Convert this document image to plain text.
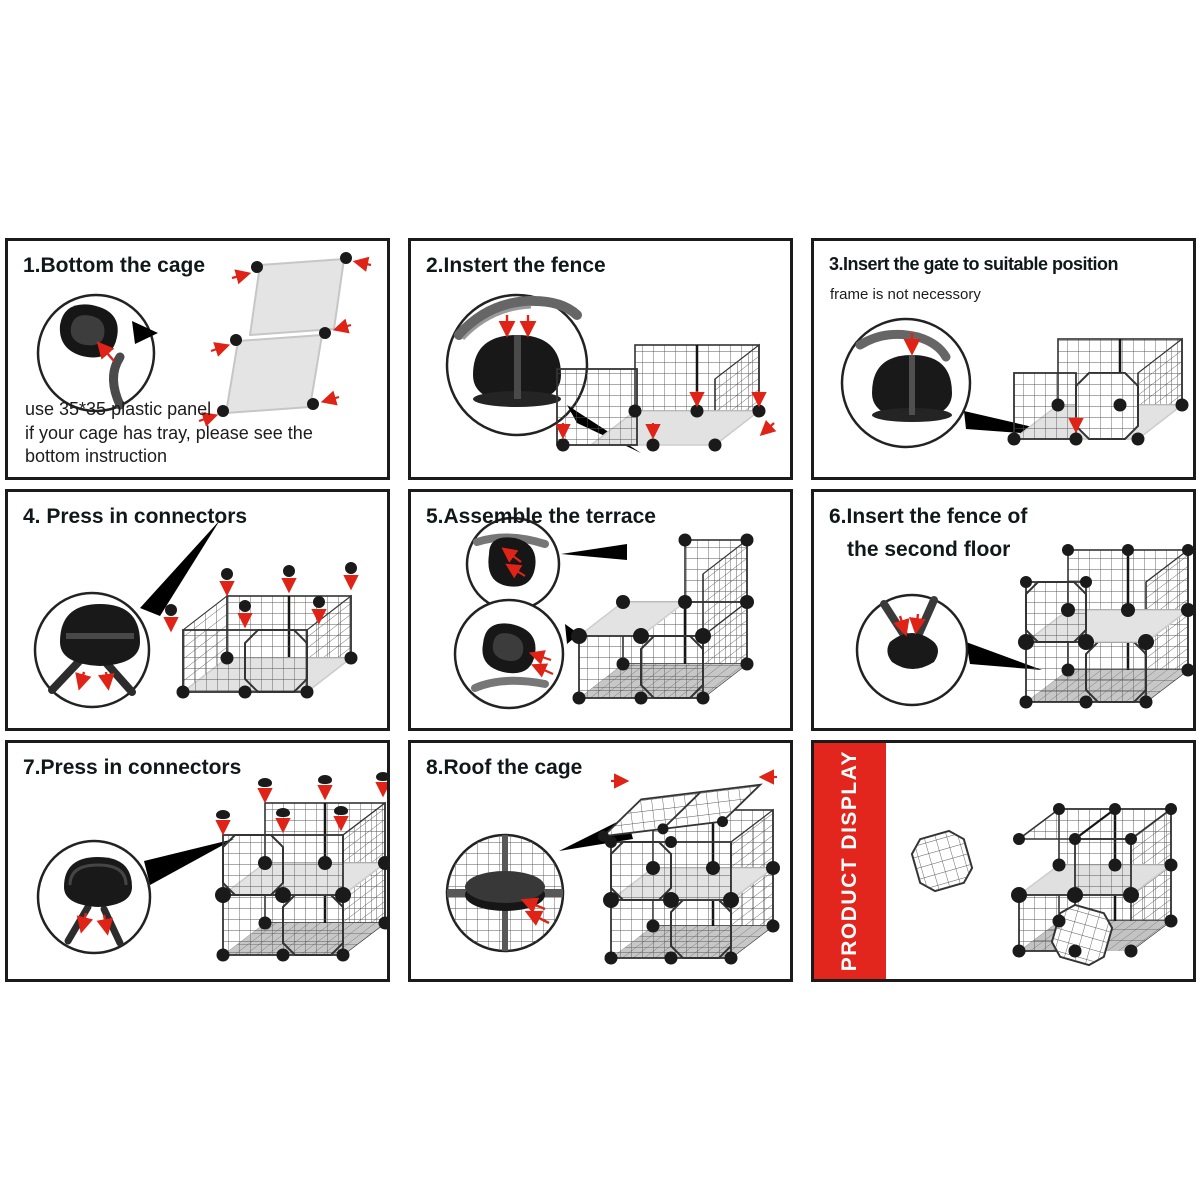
1.Bottom the cage
use 35*35 plastic panel
if your cage has tray, please see the
bottom instruction
2.Instert the fence	3.Insert the gate to suitable position
frame is not necessory
4. Press in connectors	5.Assemble the terrace	6.Insert the fence of
the second floor
7.Press in connectors	8.Roof the cage	PRODUCT DISPLAY
